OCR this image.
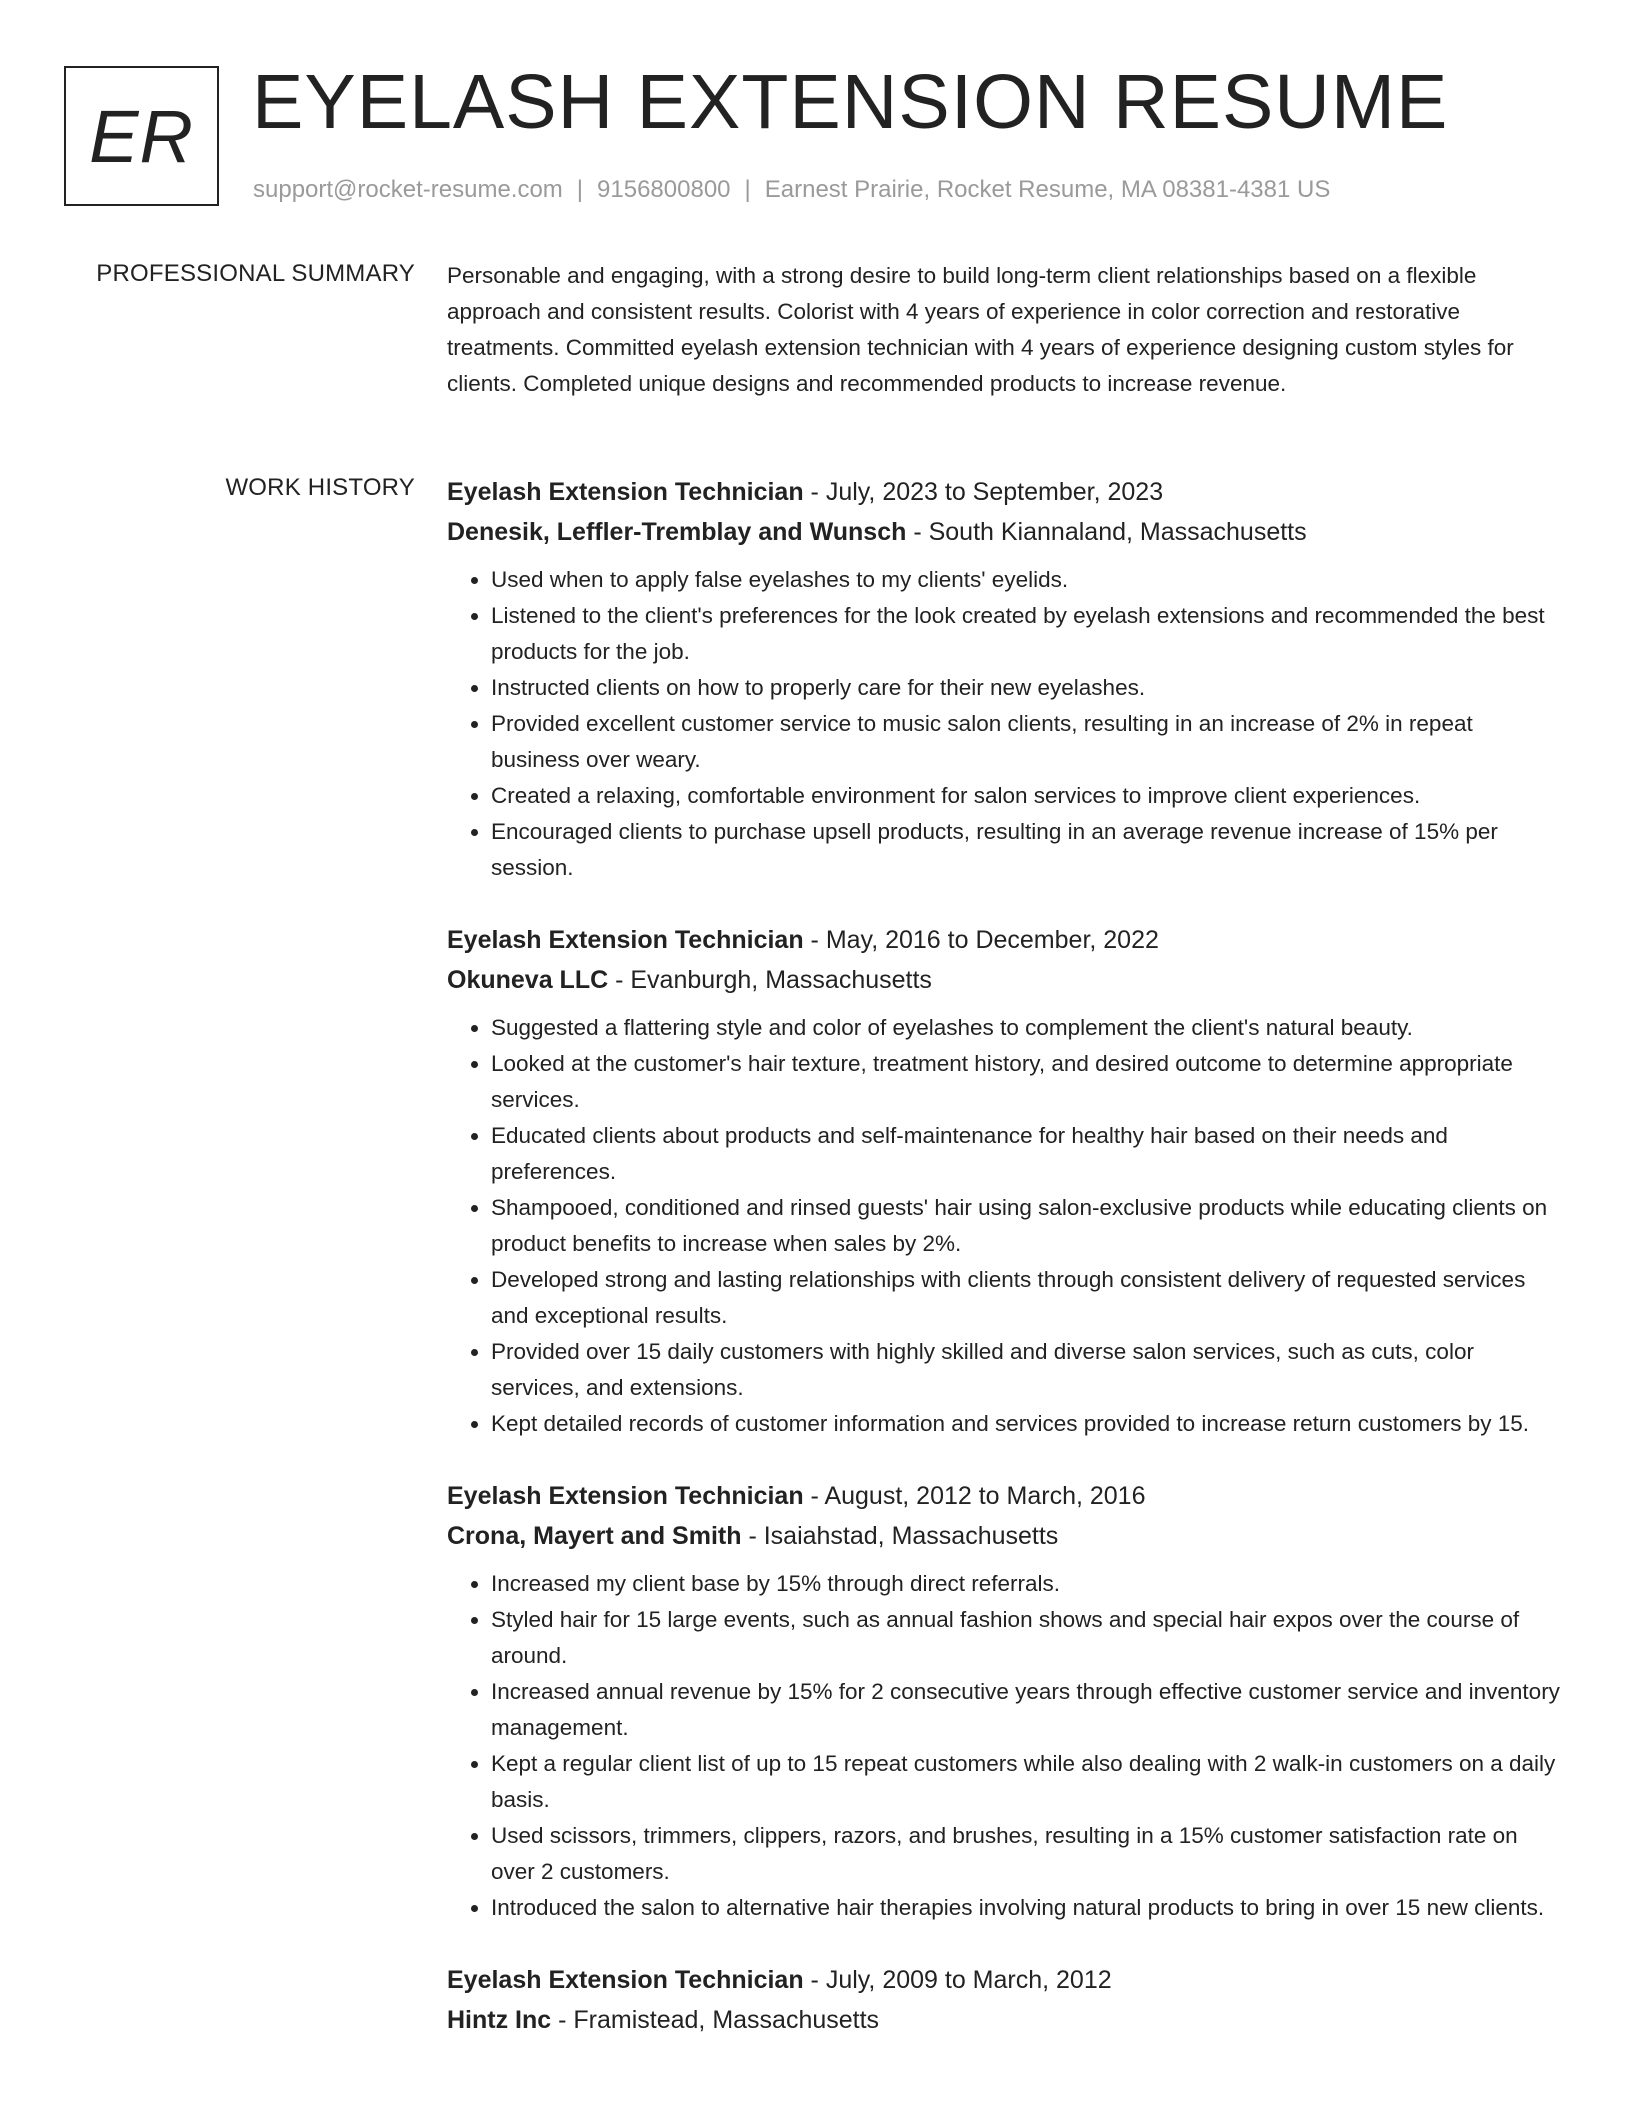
ER EYELASH EXTENSION RESUME
support@rocket-resume.com | 9156800800 | Earnest Prairie, Rocket Resume, MA 08381-4381 US
PROFESSIONAL SUMMARY Personable and engaging, with a strong desire to build long-term client relationships based on a flexible approach and consistent results. Colorist with 4 years of experience in color correction and restorative treatments. Committed eyelash extension technician with 4 years of experience designing custom styles for clients. Completed unique designs and recommended products to increase revenue.

WORK HISTORY Eyelash Extension Technician - July, 2023 to September, 2023
Denesik, Leffler-Tremblay and Wunsch - South Kiannaland, Massachusetts
• Used when to apply false eyelashes to my clients' eyelids.
• Listened to the client's preferences for the look created by eyelash extensions and recommended the best products for the job.
• Instructed clients on how to properly care for their new eyelashes.
• Provided excellent customer service to music salon clients, resulting in an increase of 2% in repeat business over weary.
• Created a relaxing, comfortable environment for salon services to improve client experiences.
• Encouraged clients to purchase upsell products, resulting in an average revenue increase of 15% per session.
Eyelash Extension Technician - May, 2016 to December, 2022
Okuneva LLC - Evanburgh, Massachusetts
• Suggested a flattering style and color of eyelashes to complement the client's natural beauty.
• Looked at the customer's hair texture, treatment history, and desired outcome to determine appropriate services.
• Educated clients about products and self-maintenance for healthy hair based on their needs and preferences.
• Shampooed, conditioned and rinsed guests' hair using salon-exclusive products while educating clients on product benefits to increase when sales by 2%.
• Developed strong and lasting relationships with clients through consistent delivery of requested services and exceptional results.
• Provided over 15 daily customers with highly skilled and diverse salon services, such as cuts, color services, and extensions.
• Kept detailed records of customer information and services provided to increase return customers by 15.
Eyelash Extension Technician - August, 2012 to March, 2016
Crona, Mayert and Smith - Isaiahstad, Massachusetts
• Increased my client base by 15% through direct referrals.
• Styled hair for 15 large events, such as annual fashion shows and special hair expos over the course of around.
• Increased annual revenue by 15% for 2 consecutive years through effective customer service and inventory management.
• Kept a regular client list of up to 15 repeat customers while also dealing with 2 walk-in customers on a daily basis.
• Used scissors, trimmers, clippers, razors, and brushes, resulting in a 15% customer satisfaction rate on over 2 customers.
• Introduced the salon to alternative hair therapies involving natural products to bring in over 15 new clients.
Eyelash Extension Technician - July, 2009 to March, 2012
Hintz Inc - Framistead, Massachusetts
